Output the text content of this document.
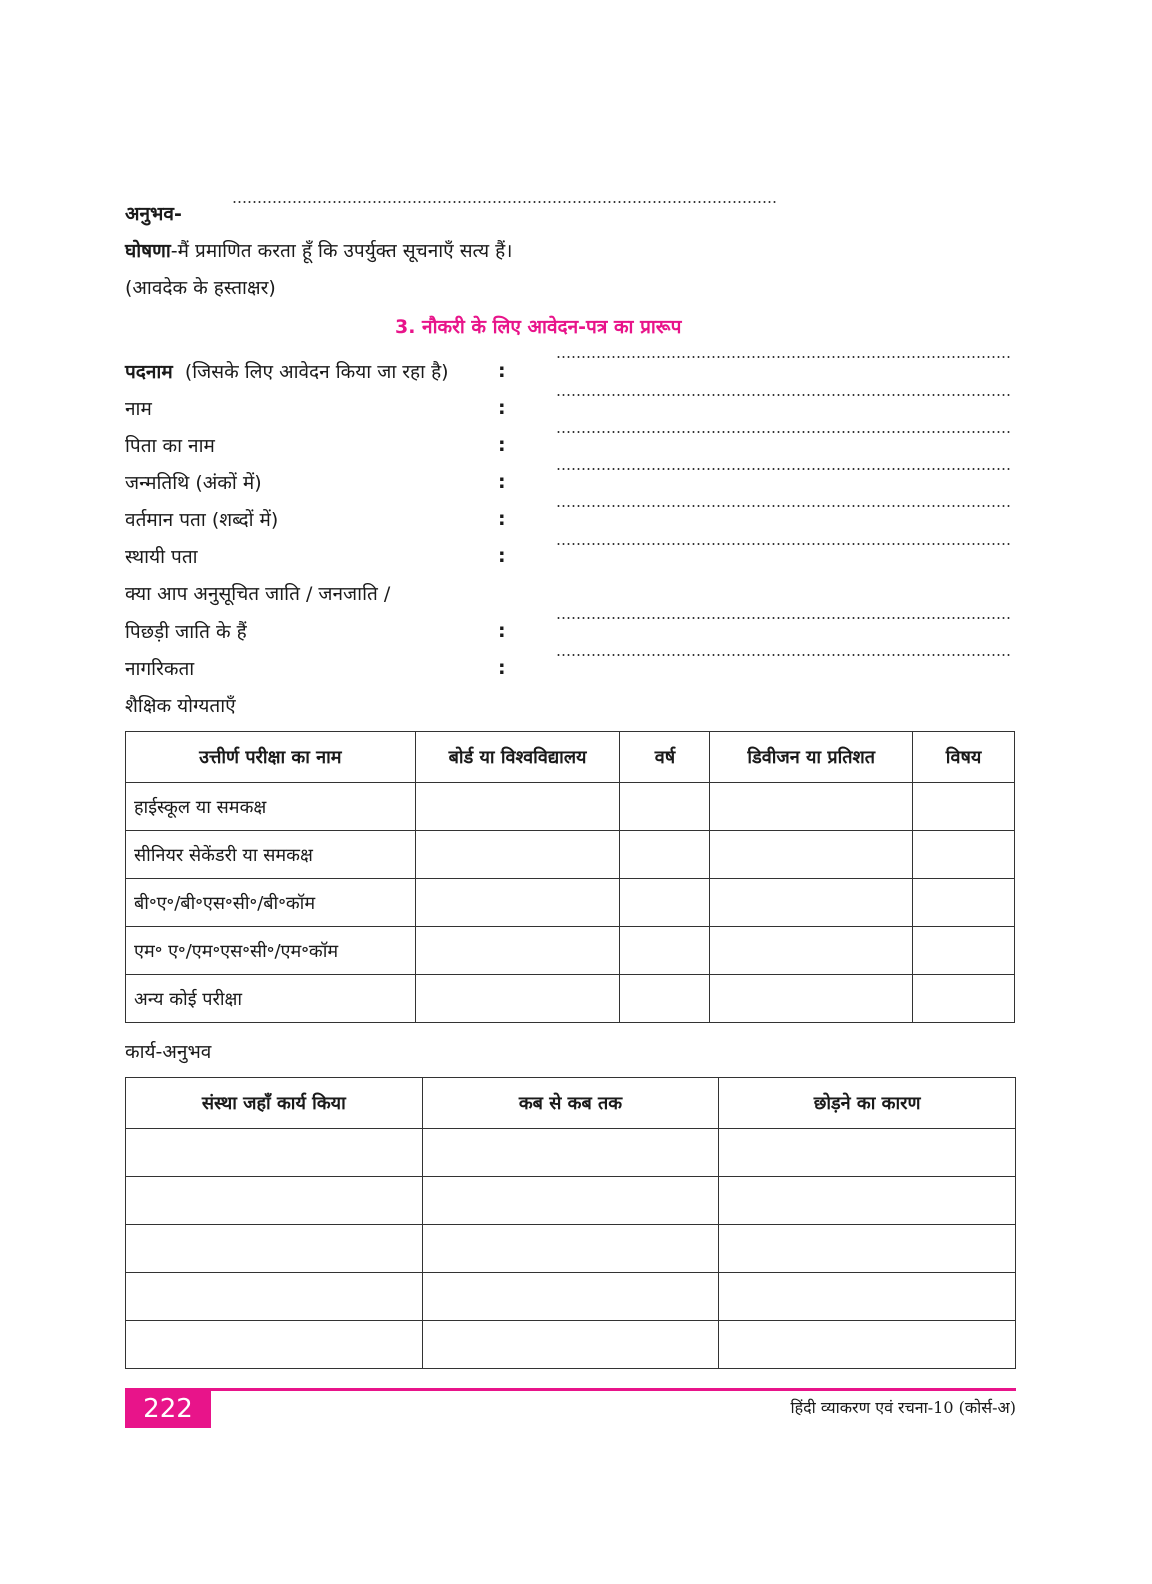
अनुभव-
घोषणा-मैं प्रमाणित करता हूँ कि उपर्युक्त सूचनाएँ सत्य हैं।
(आवदेक के हस्ताक्षर)
3. नौकरी के लिए आवेदन-पत्र का प्रारूप
पदनाम (जिसके लिए आवेदन किया जा रहा है)	:
नाम	:
पिता का नाम	:
जन्मतिथि (अंकों में)	:
वर्तमान पता (शब्दों में)	:
स्थायी पता	:
क्या आप अनुसूचित जाति / जनजाति /
पिछड़ी जाति के हैं	:
नागरिकता	:
शैक्षिक योग्यताएँ
उत्तीर्ण परीक्षा का नाम	बोर्ड या विश्वविद्यालय	वर्ष	डिवीजन या प्रतिशत	विषय
हाईस्कूल या समकक्ष				
सीनियर सेकेंडरी या समकक्ष				
बी॰ए॰/बी॰एस॰सी॰/बी॰कॉम				
एम॰ ए॰/एम॰एस॰सी॰/एम॰कॉम				
अन्य कोई परीक्षा				
कार्य-अनुभव
संस्था जहाँ कार्य किया	कब से कब तक	छोड़ने का कारण

222	हिंदी व्याकरण एवं रचना-10 (कोर्स-अ)
